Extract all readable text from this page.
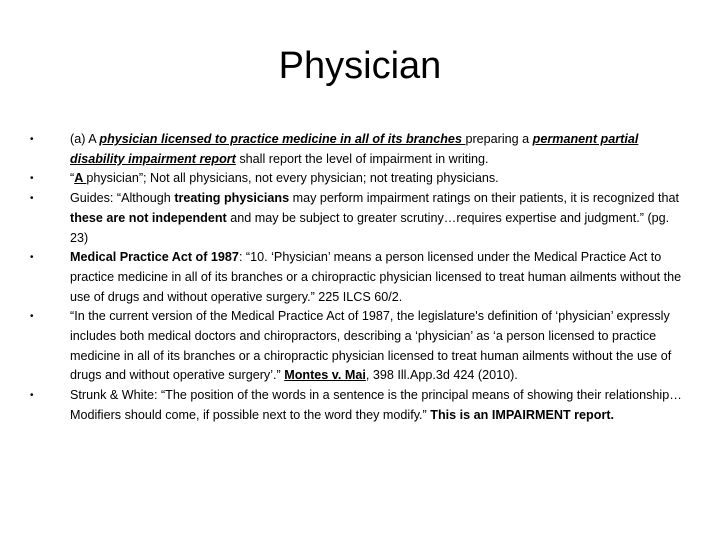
Physician
•	(a) A physician licensed to practice medicine in all of its branches preparing a permanent partial disability impairment report shall report the level of impairment in writing.
•	“A physician”; Not all physicians, not every physician; not treating physicians.
•	Guides: “Although treating physicians may perform impairment ratings on their patients, it is recognized that these are not independent and may be subject to greater scrutiny…requires expertise and judgment.” (pg. 23)
•	Medical Practice Act of 1987: “10. ‘Physician’ means a person licensed under the Medical Practice Act to practice medicine in all of its branches or a chiropractic physician licensed to treat human ailments without the use of drugs and without operative surgery.” 225 ILCS 60/2.
•	“In the current version of the Medical Practice Act of 1987, the legislature's definition of ‘physician’ expressly includes both medical doctors and chiropractors, describing a ‘physician’ as ‘a person licensed to practice medicine in all of its branches or a chiropractic physician licensed to treat human ailments without the use of drugs and without operative surgery’.” Montes v. Mai, 398 Ill.App.3d 424 (2010).
•	Strunk & White: “The position of the words in a sentence is the principal means of showing their relationship… Modifiers should come, if possible next to the word they modify.” This is an IMPAIRMENT report.
